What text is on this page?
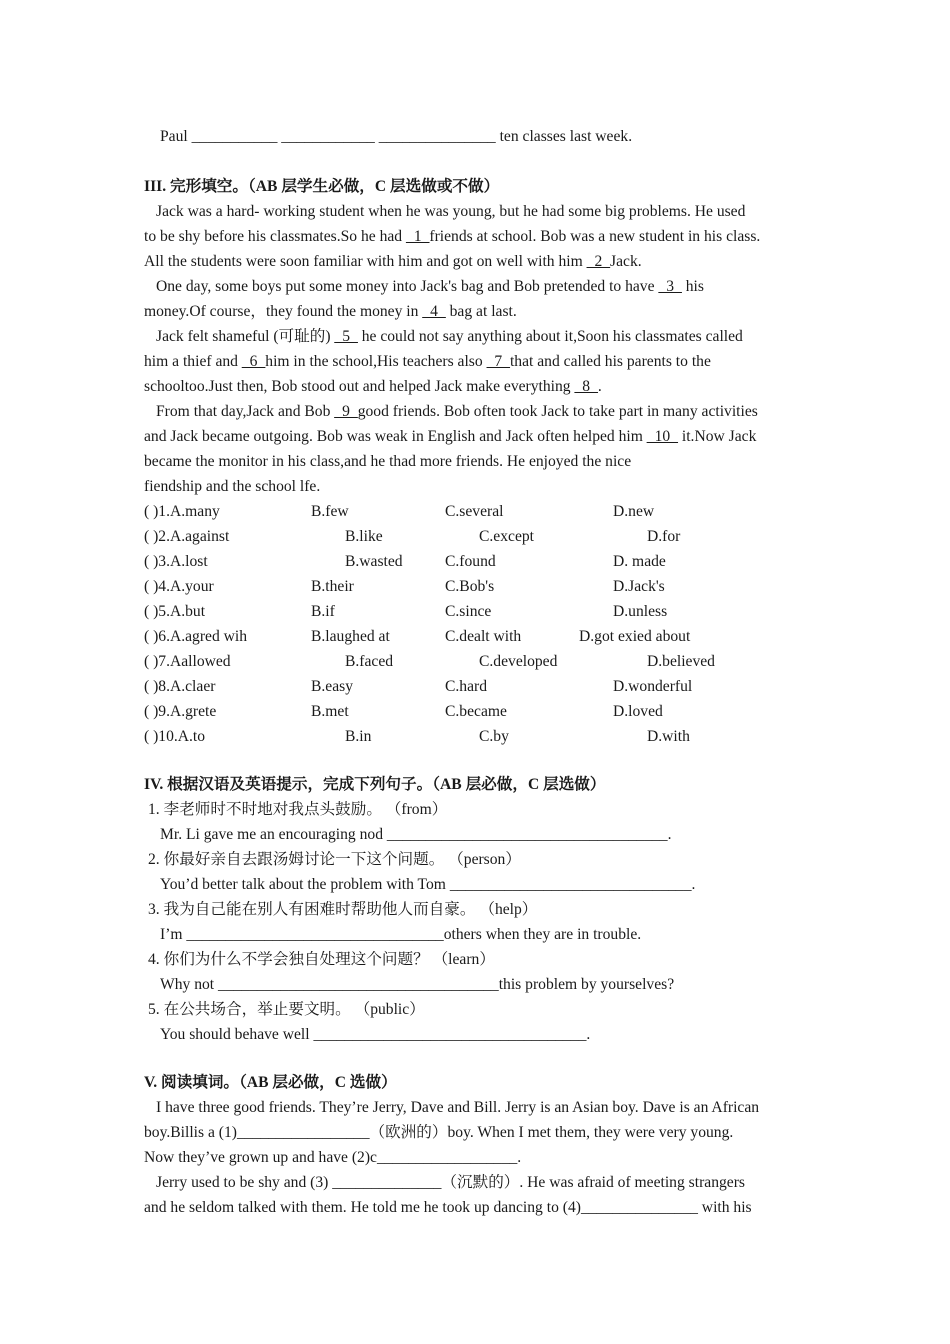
Paul ___________ ____________ _______________ ten classes last week.
III. 完形填空。（AB 层学生必做，C 层选做或不做）
Jack was a hard- working student when he was young, but he had some big problems. He used
to be shy before his classmates.So he had _1_friends at school. Bob was a new student in his class.
All the students were soon familiar with him and got on well with him _2_Jack.
One day, some boys put some money into Jack's bag and Bob pretended to have _3_ his
money.Of course，they found the money in _4_ bag at last.
Jack felt shameful (可耻的) _5_ he could not say anything about it,Soon his classmates called
him a thief and _6_him in the school,His teachers also _7_that and called his parents to the
schooltoo.Just then, Bob stood out and helped Jack make everything _8_.
From that day,Jack and Bob _9_good friends. Bob often took Jack to take part in many activities
and Jack became outgoing. Bob was weak in English and Jack often helped him _10_ it.Now Jack
became the monitor in his class,and he thad more friends. He enjoyed the nice
fiendship and the school lfe.
( )1.A.many	B.few	C.several	D.new
( )2.A.against	B.like	C.except	D.for
( )3.A.lost	B.wasted	C.found	D. made
( )4.A.your	B.their	C.Bob's	D.Jack's
( )5.A.but	B.if	C.since	D.unless
( )6.A.agred wih	B.laughed at	C.dealt with	D.got exied about
( )7.Aallowed	B.faced	C.developed	D.believed
( )8.A.claer	B.easy	C.hard	D.wonderful
( )9.A.grete	B.met	C.became	D.loved
( )10.A.to	B.in	C.by	D.with
IV. 根据汉语及英语提示，完成下列句子。（AB 层必做，C 层选做）
1. 李老师时不时地对我点头鼓励。 （from）
Mr. Li gave me an encouraging nod ____________________________________.
2. 你最好亲自去跟汤姆讨论一下这个问题。 （person）
You’d better talk about the problem with Tom _______________________________.
3. 我为自己能在别人有困难时帮助他人而自豪。 （help）
I’m _________________________________others when they are in trouble.
4. 你们为什么不学会独自处理这个问题？ （learn）
Why not ____________________________________this problem by yourselves?
5. 在公共场合，举止要文明。 （public）
You should behave well ___________________________________.
V. 阅读填词。（AB 层必做，C 选做）
I have three good friends. They’re Jerry, Dave and Bill. Jerry is an Asian boy. Dave is an African
boy.Billis a (1)_________________（欧洲的）boy. When I met them, they were very young.
Now they’ve grown up and have (2)c__________________.
Jerry used to be shy and (3) ______________（沉默的）. He was afraid of meeting strangers
and he seldom talked with them. He told me he took up dancing to (4)_______________ with his
